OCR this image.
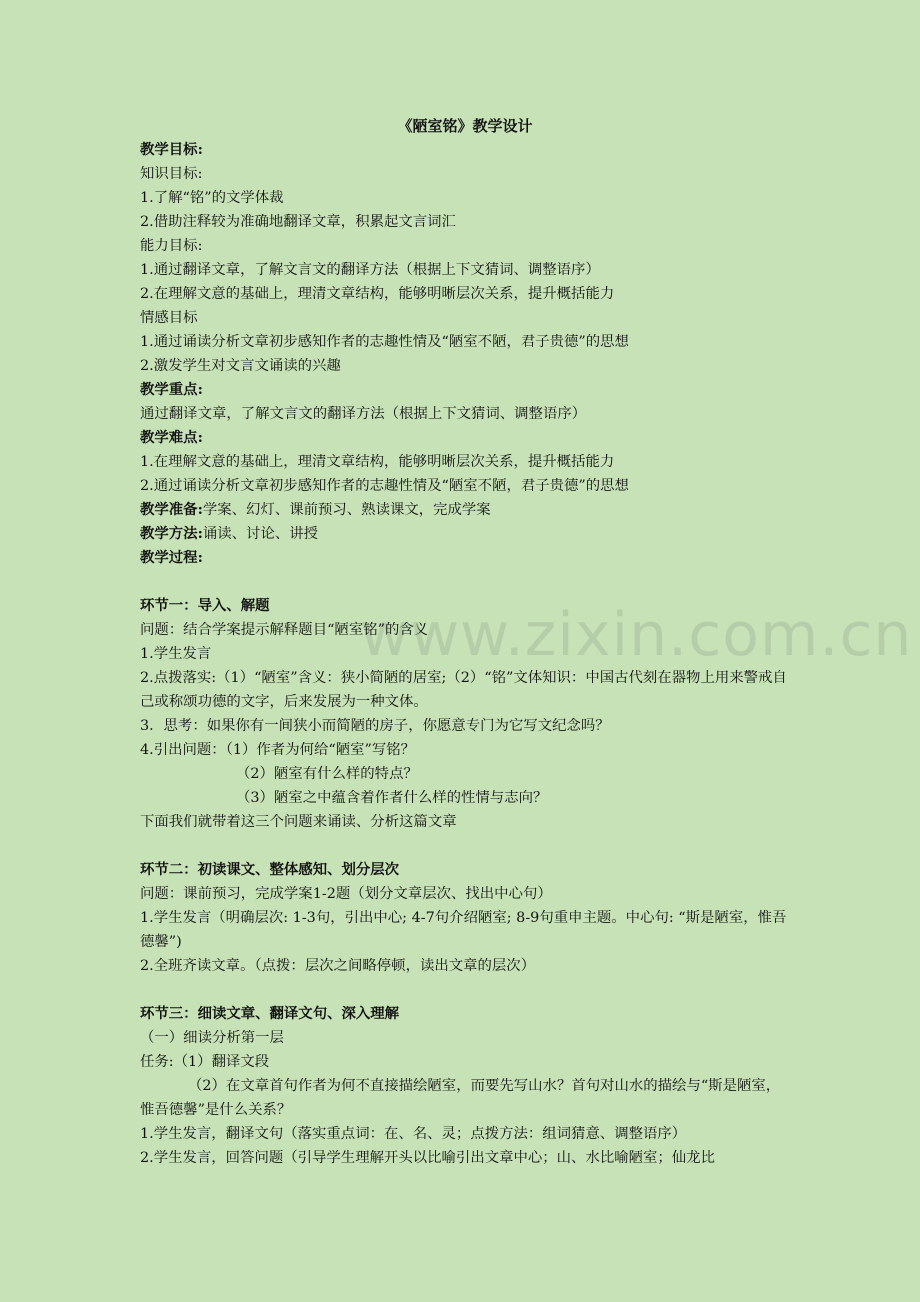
www.zixin.com.cn
《陋室铭》教学设计
教学目标:
知识目标:
1.了解“铭”的文学体裁
2.借助注释较为准确地翻译文章，积累起文言词汇
能力目标:
1.通过翻译文章，了解文言文的翻译方法（根据上下文猜词、调整语序）
2.在理解文意的基础上，理清文章结构，能够明晰层次关系，提升概括能力
情感目标
1.通过诵读分析文章初步感知作者的志趣性情及“陋室不陋，君子贵德”的思想
2.激发学生对文言文诵读的兴趣
教学重点:
通过翻译文章，了解文言文的翻译方法（根据上下文猜词、调整语序）
教学难点:
1.在理解文意的基础上，理清文章结构，能够明晰层次关系，提升概括能力
2.通过诵读分析文章初步感知作者的志趣性情及“陋室不陋，君子贵德”的思想
教学准备:学案、幻灯、课前预习、熟读课文，完成学案
教学方法:诵读、讨论、讲授
教学过程:
环节一：导入、解题
问题：结合学案提示解释题目“陋室铭”的含义
1.学生发言
2.点拨落实:（1）“陋室”含义：狭小简陋的居室;（2）“铭”文体知识：中国古代刻在器物上用来警戒自己或称颂功德的文字，后来发展为一种文体。
3．思考：如果你有一间狭小而简陋的房子，你愿意专门为它写文纪念吗？
4.引出问题：（1）作者为何给“陋室”写铭？
（2）陋室有什么样的特点？
（3）陋室之中蕴含着作者什么样的性情与志向？
下面我们就带着这三个问题来诵读、分析这篇文章
环节二：初读课文、整体感知、划分层次
问题：课前预习，完成学案1-2题（划分文章层次、找出中心句）
1.学生发言（明确层次: 1-3句，引出中心; 4-7句介绍陋室; 8-9句重申主题。中心句: “斯是陋室，惟吾德馨”)
2.全班齐读文章。（点拨：层次之间略停顿，读出文章的层次）
环节三：细读文章、翻译文句、深入理解
（一）细读分析第一层
任务:（1）翻译文段
（2）在文章首句作者为何不直接描绘陋室，而要先写山水？首句对山水的描绘与“斯是陋室，惟吾德馨”是什么关系？
1.学生发言，翻译文句（落实重点词：在、名、灵；点拨方法：组词猜意、调整语序）
2.学生发言，回答问题（引导学生理解开头以比喻引出文章中心；山、水比喻陋室；仙龙比
